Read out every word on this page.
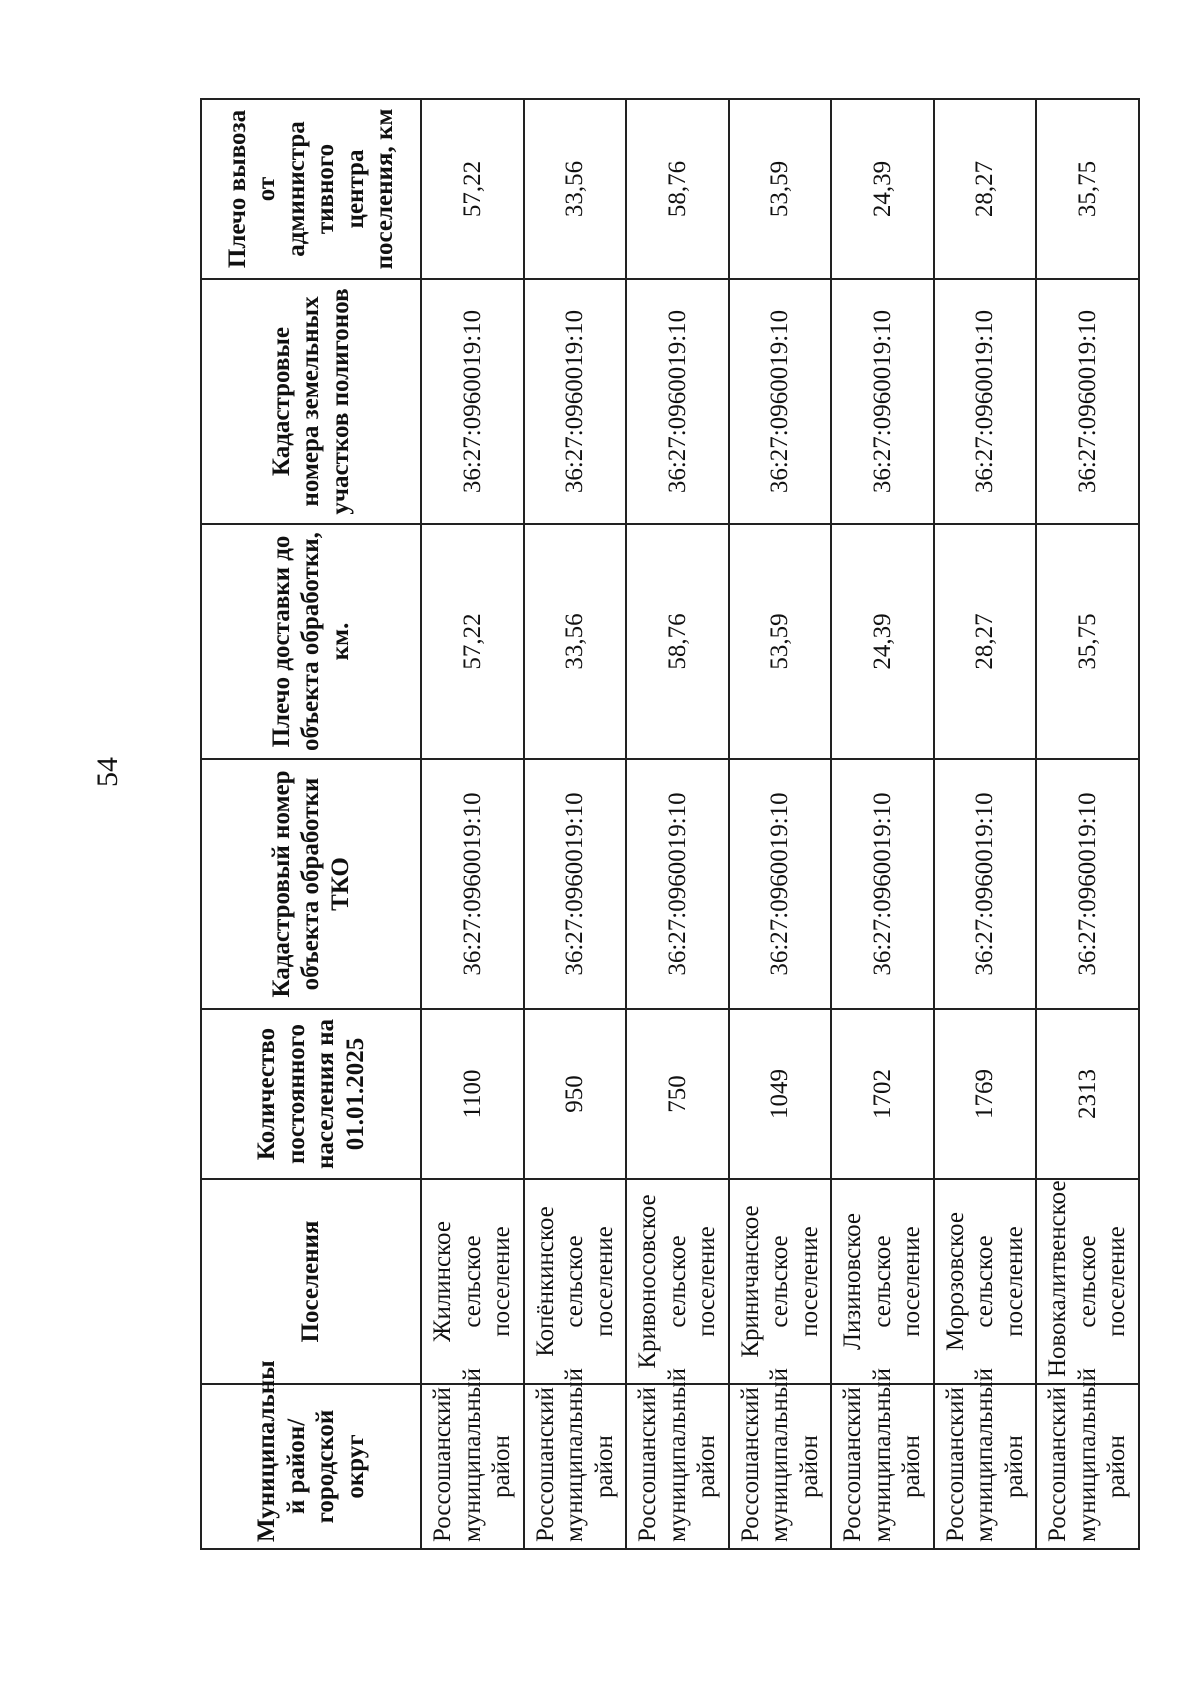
54
Муниципальны й район/ городской округ	Поселения	Количество постоянного населения на 01.01.2025	Кадастровый номер объекта обработки ТКО	Плечо доставки до объекта обработки, км.	Кадастровые номера земельных участков полигонов	Плечо вывоза от администра тивного центра поселения, км
Россошанский муниципальный район	Жилинское сельское поселение	1100	36:27:0960019:10	57,22	36:27:0960019:10	57,22
Россошанский муниципальный район	Копёнкинское сельское поселение	950	36:27:0960019:10	33,56	36:27:0960019:10	33,56
Россошанский муниципальный район	Кривоносовское сельское поселение	750	36:27:0960019:10	58,76	36:27:0960019:10	58,76
Россошанский муниципальный район	Криничанское сельское поселение	1049	36:27:0960019:10	53,59	36:27:0960019:10	53,59
Россошанский муниципальный район	Лизиновское сельское поселение	1702	36:27:0960019:10	24,39	36:27:0960019:10	24,39
Россошанский муниципальный район	Морозовское сельское поселение	1769	36:27:0960019:10	28,27	36:27:0960019:10	28,27
Россошанский муниципальный район	Новокалитвенское сельское поселение	2313	36:27:0960019:10	35,75	36:27:0960019:10	35,75
